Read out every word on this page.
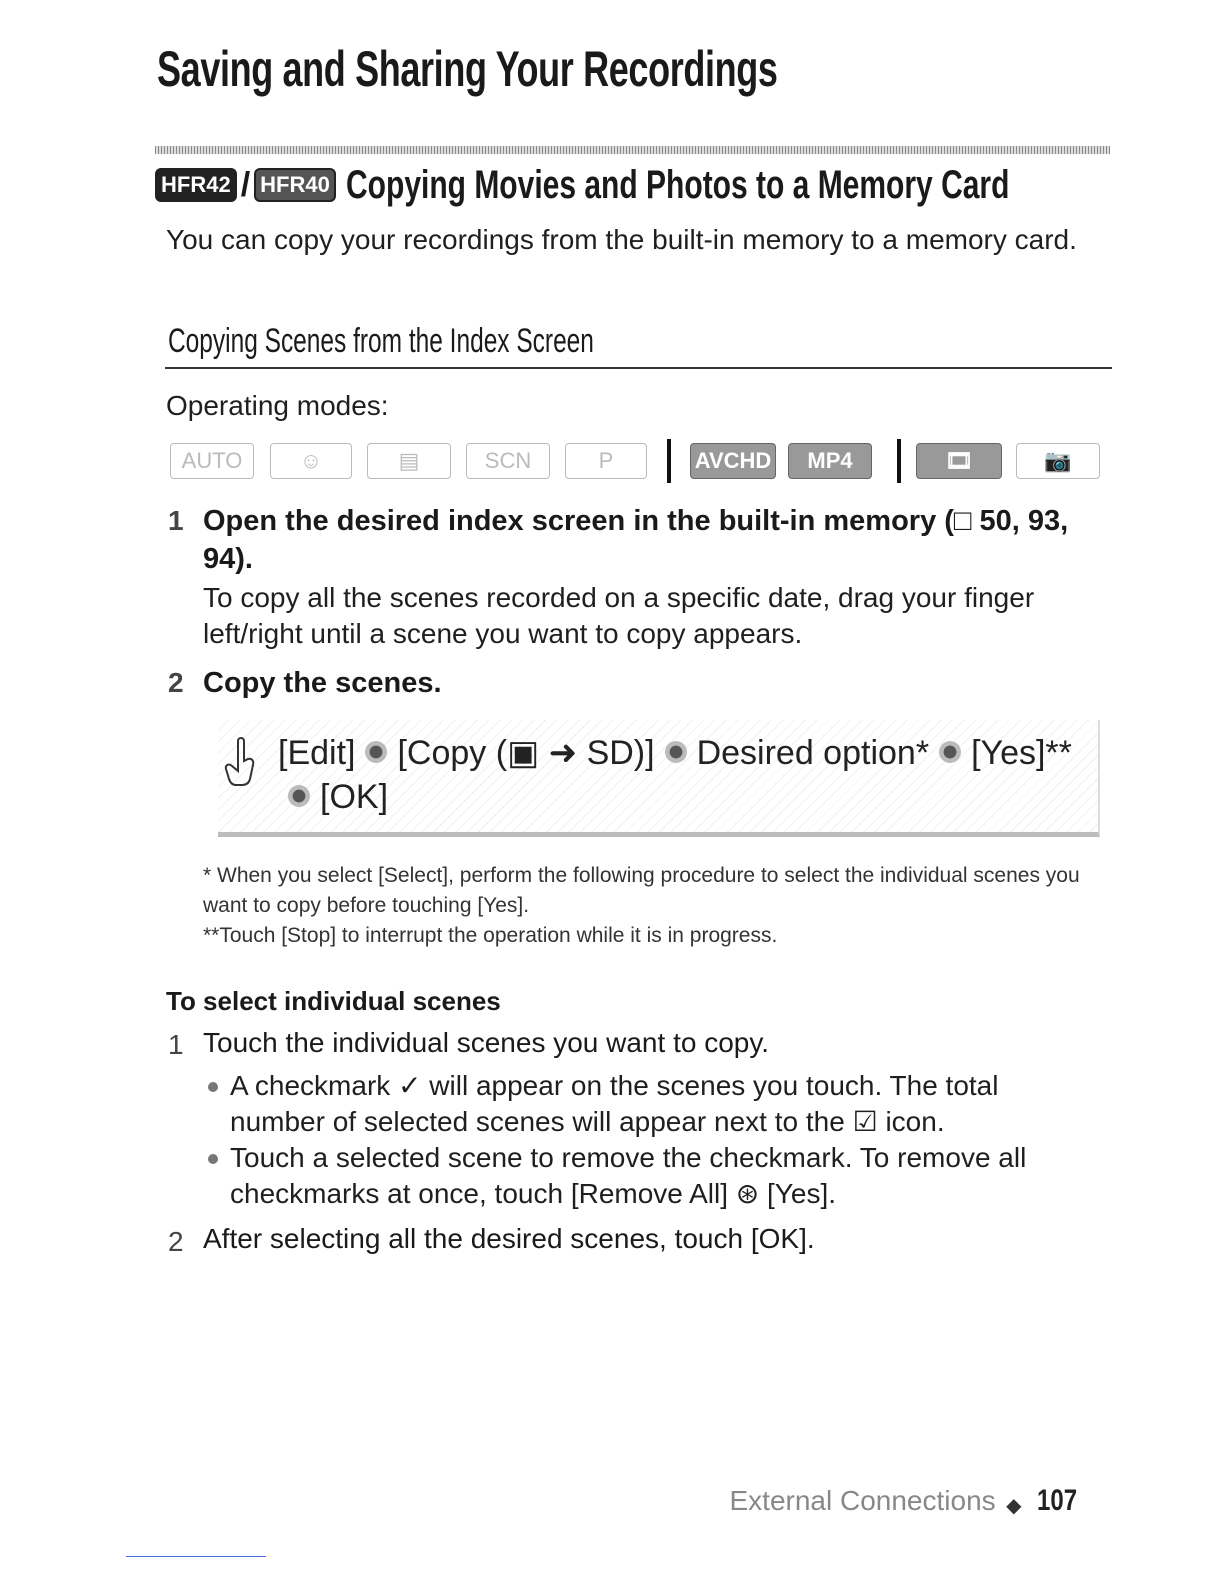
Saving and Sharing Your Recordings
HFR42 / HFR40 Copying Movies and Photos to a Memory Card
You can copy your recordings from the built-in memory to a memory card.
Copying Scenes from the Index Screen
Operating modes:
AUTO	☺	▤	SCN	P	AVCHD	MP4	🎞	📷
1 Open the desired index screen in the built-in memory (□ 50, 93, 94).
To copy all the scenes recorded on a specific date, drag your finger left/right until a scene you want to copy appears.
2 Copy the scenes.
[Edit] [Copy (▣ ➜ SD)] Desired option* [Yes]**
[OK]
* When you select [Select], perform the following procedure to select the individual scenes you want to copy before touching [Yes].
**Touch [Stop] to interrupt the operation while it is in progress.
To select individual scenes
1 Touch the individual scenes you want to copy.
A checkmark ✓ will appear on the scenes you touch. The total number of selected scenes will appear next to the ☑ icon.
Touch a selected scene to remove the checkmark. To remove all checkmarks at once, touch [Remove All] ⊛ [Yes].
2 After selecting all the desired scenes, touch [OK].
External Connections ◆ 107
